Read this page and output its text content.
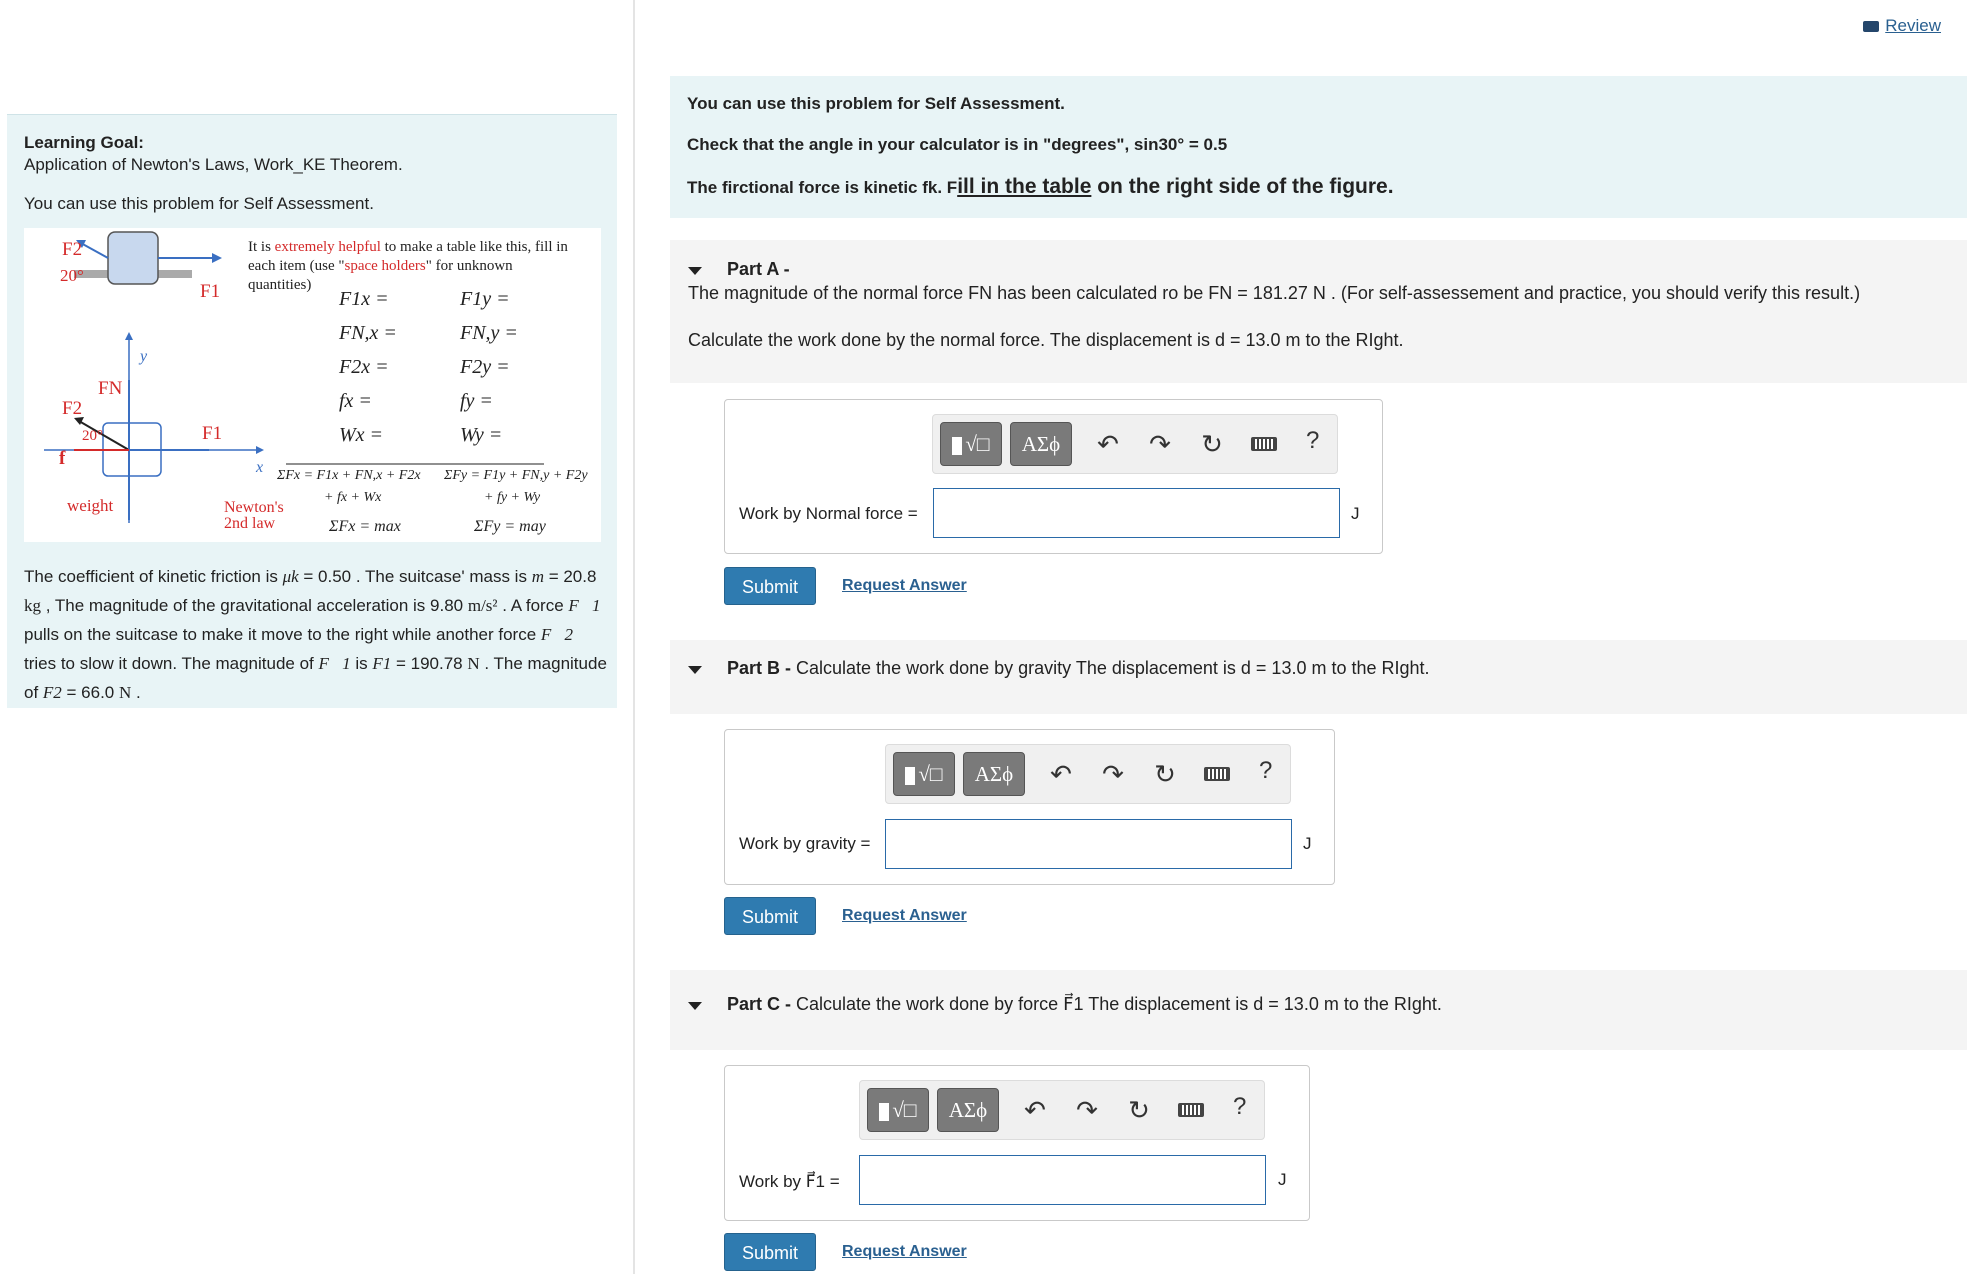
Review
Learning Goal:
Application of Newton's Laws, Work_KE Theorem.
You can use this problem for Self Assessment.
It is extremely helpful to make a table like this, fill in each item (use "space holders" for unknown quantities)
F1x =	F1y =
FN,x =	FN,y =
F2x =	F2y =
fx =	fy =
Wx =	Wy =
ΣFx = F1x + FN,x + F2x
+ fx + Wx
ΣFy = F1y + FN,y + F2y
+ fy + Wy
Newton's
2nd law	ΣFx = max	ΣFy = may
F2
20°
F1
FN
F2
20°	F1
f
weight
x
y
The coefficient of kinetic friction is μk = 0.50 . The suitcase' mass is m = 20.8 kg , The magnitude of the gravitational acceleration is 9.80 m/s² . A force F⃗1 pulls on the suitcase to make it move to the right while another force F⃗2 tries to slow it down. The magnitude of F⃗1 is F1 = 190.78 N . The magnitude of F2 = 66.0 N .
You can use this problem for Self Assessment.
Check that the angle in your calculator is in "degrees", sin30° = 0.5
The firctional force is kinetic fk. Fill in the table on the right side of the figure.
Part A -
The magnitude of the normal force FN has been calculated ro be FN = 181.27 N . (For self-assessement and practice, you should verify this result.)
Calculate the work done by the normal force. The displacement is d = 13.0 m to the RIght.
√□	ΑΣϕ	↶ ↷ ↻	?
Work by Normal force =	J
Submit	Request Answer
Part B - Calculate the work done by gravity The displacement is d = 13.0 m to the RIght.
√□	ΑΣϕ	↶ ↷ ↻	?
Work by gravity =	J
Submit	Request Answer
Part C - Calculate the work done by force F⃗1 The displacement is d = 13.0 m to the RIght.
√□	ΑΣϕ	↶ ↷ ↻	?
Work by F⃗1 =	J
Submit	Request Answer
